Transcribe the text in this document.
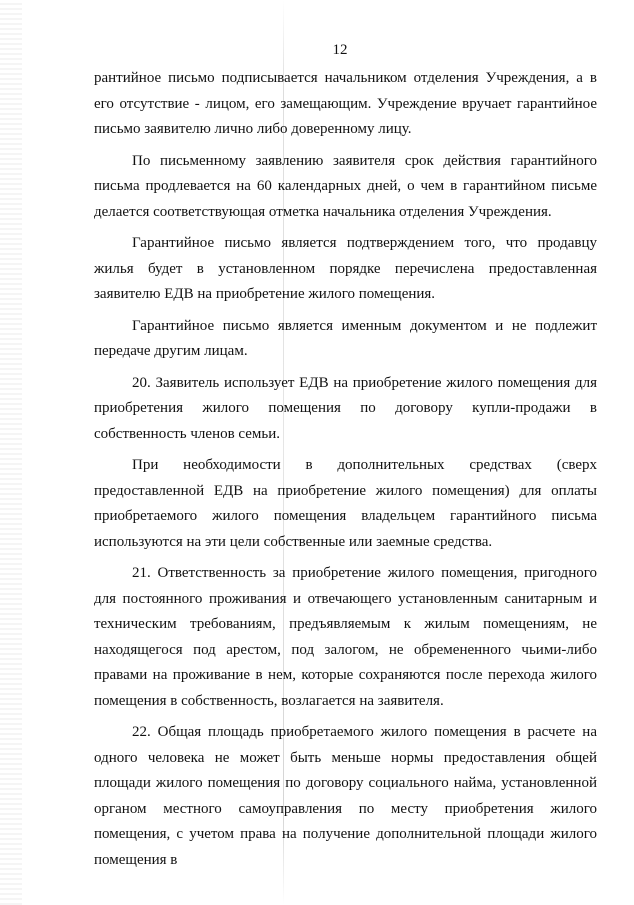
12

рантийное письмо подписывается начальником отделения Учреждения, а в его отсутствие - лицом, его замещающим. Учреждение вручает гарантийное письмо заявителю лично либо доверенному лицу.

По письменному заявлению заявителя срок действия гарантийного письма продлевается на 60 календарных дней, о чем в гарантийном письме делается соответствующая отметка начальника отделения Учреждения.

Гарантийное письмо является подтверждением того, что продавцу жилья будет в установленном порядке перечислена предоставленная заявителю ЕДВ на приобретение жилого помещения.

Гарантийное письмо является именным документом и не подлежит передаче другим лицам.

20. Заявитель использует ЕДВ на приобретение жилого помещения для приобретения жилого помещения по договору купли-продажи в собственность членов семьи.

При необходимости в дополнительных средствах (сверх предоставленной ЕДВ на приобретение жилого помещения) для оплаты приобретаемого жилого помещения владельцем гарантийного письма используются на эти цели собственные или заемные средства.

21. Ответственность за приобретение жилого помещения, пригодного для постоянного проживания и отвечающего установленным санитарным и техническим требованиям, предъявляемым к жилым помещениям, не находящегося под арестом, под залогом, не обремененного чьими-либо правами на проживание в нем, которые сохраняются после перехода жилого помещения в собственность, возлагается на заявителя.

22. Общая площадь приобретаемого жилого помещения в расчете на одного человека не может быть меньше нормы предоставления общей площади жилого помещения по договору социального найма, установленной органом местного самоуправления по месту приобретения жилого помещения, с учетом права на получение дополнительной площади жилого помещения в
